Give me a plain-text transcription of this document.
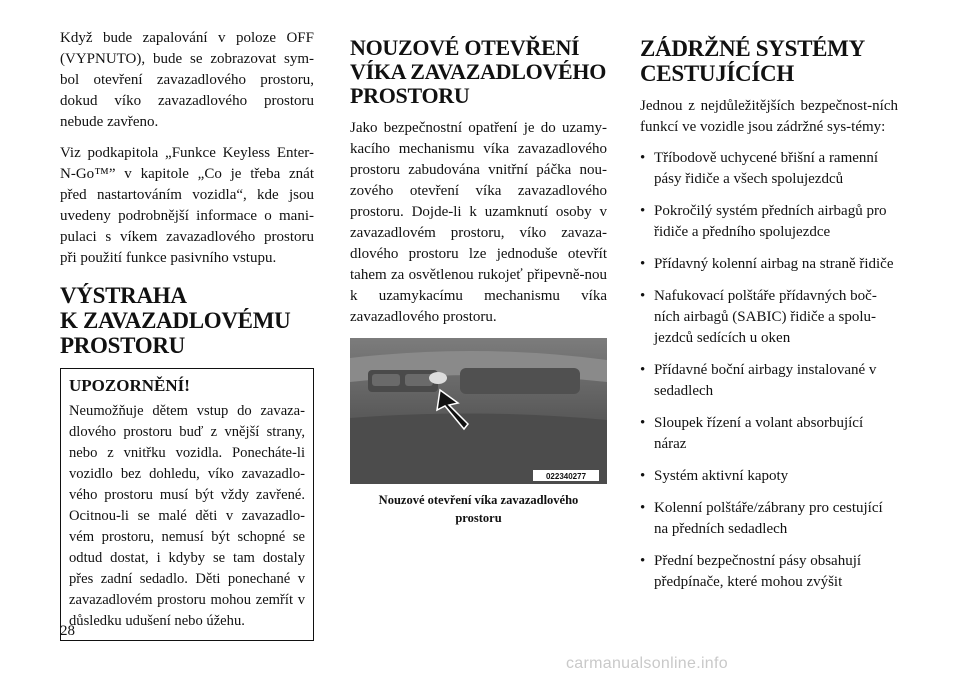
Když bude zapalování v poloze OFF (VYPNUTO), bude se zobrazovat sym-bol otevření zavazadlového prostoru, dokud víko zavazadlového prostoru nebude zavřeno.

Viz podkapitola „Funkce Keyless Enter-N-Go™” v kapitole „Co je třeba znát před nastartováním vozidla“, kde jsou uvedeny podrobnější informace o mani-pulaci s víkem zavazadlového prostoru při použití funkce pasivního vstupu.

VÝSTRAHA
K ZAVAZADLOVÉMU
PROSTORU
UPOZORNĚNÍ!

Neumožňuje dětem vstup do zavaza-dlového prostoru buď z vnější strany, nebo z vnitřku vozidla. Ponecháte-li vozidlo bez dohledu, víko zavazadlo-vého prostoru musí být vždy zavřené. Ocitnou-li se malé děti v zavazadlo-vém prostoru, nemusí být schopné se odtud dostat, i kdyby se tam dostaly přes zadní sedadlo. Děti ponechané v zavazadlovém prostoru mohou zemřít v důsledku udušení nebo úžehu.

NOUZOVÉ OTEVŘENÍ
VÍKA ZAVAZADLOVÉHO
PROSTORU

Jako bezpečnostní opatření je do uzamy-kacího mechanismu víka zavazadlového prostoru zabudována vnitřní páčka nou-zového otevření víka zavazadlového prostoru. Dojde-li k uzamknutí osoby v zavazadlovém prostoru, víko zavaza-dlového prostoru lze jednoduše otevřít tahem za osvětlenou rukojeť připevně-nou k uzamykacímu mechanismu víka zavazadlového prostoru.

022340277
Nouzové otevření víka zavazadlového
prostoru
ZÁDRŽNÉ SYSTÉMY
CESTUJÍCÍCH

Jednou z nejdůležitějších bezpečnost-ních funkcí ve vozidle jsou zádržné sys-témy:

• Tříbodově uchycené břišní a ramenní pásy řidiče a všech spolujezdců
• Pokročilý systém předních airbagů pro řidiče a předního spolujezdce
• Přídavný kolenní airbag na straně řidiče
• Nafukovací polštáře přídavných boč-ních airbagů (SABIC) řidiče a spolu-jezdců sedících u oken
• Přídavné boční airbagy instalované v sedadlech
• Sloupek řízení a volant absorbující náraz
• Systém aktivní kapoty
• Kolenní polštáře/zábrany pro cestující na předních sedadlech
• Přední bezpečnostní pásy obsahují předpínače, které mohou zvýšit
28
carmanualsonline.info
